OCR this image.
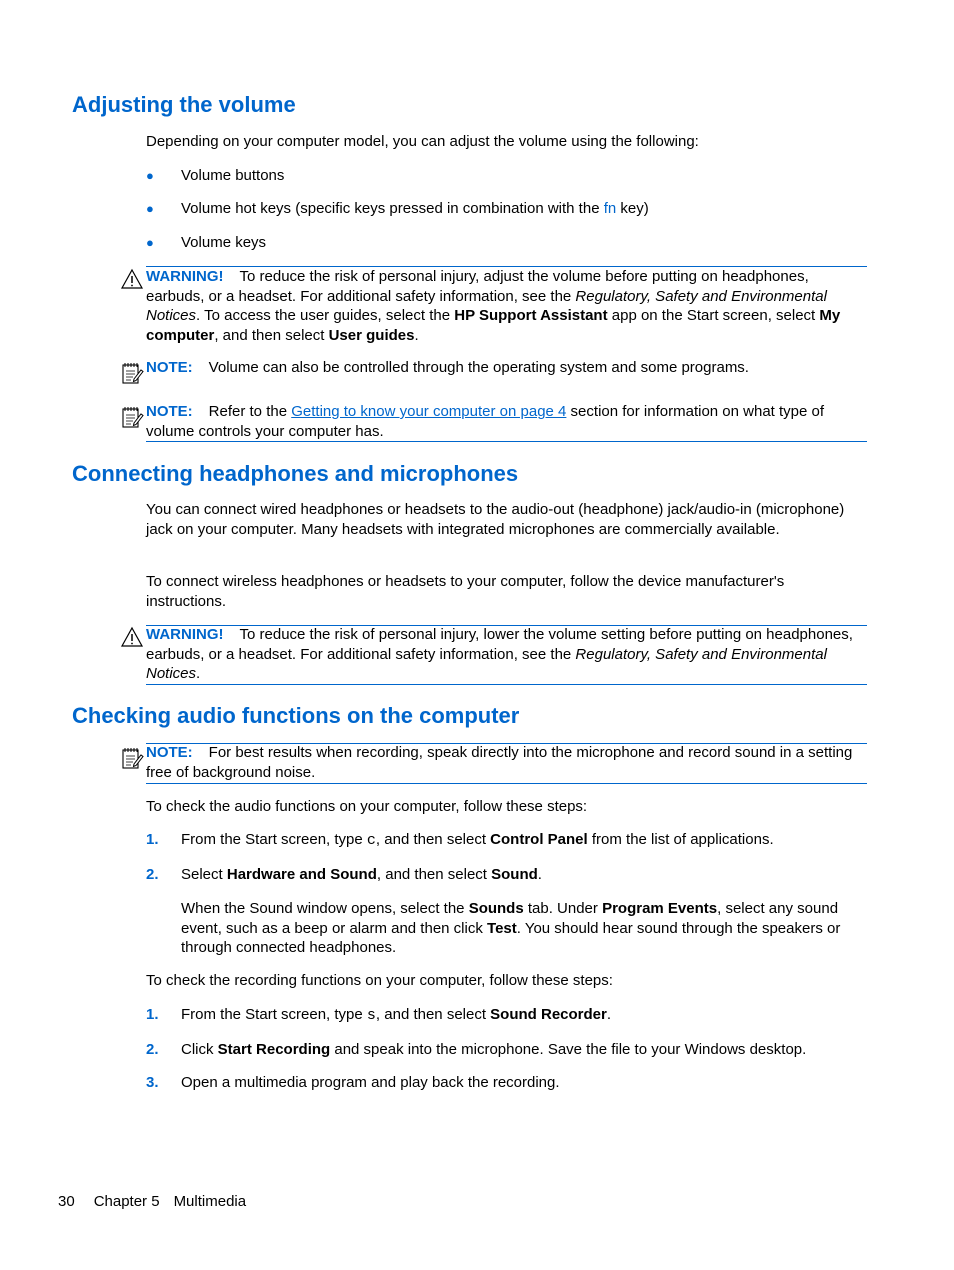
Adjusting the volume
Depending on your computer model, you can adjust the volume using the following:
● Volume buttons
● Volume hot keys (specific keys pressed in combination with the fn key)
● Volume keys
WARNING! To reduce the risk of personal injury, adjust the volume before putting on headphones, earbuds, or a headset. For additional safety information, see the Regulatory, Safety and Environmental Notices. To access the user guides, select the HP Support Assistant app on the Start screen, select My computer, and then select User guides.
NOTE: Volume can also be controlled through the operating system and some programs.
NOTE: Refer to the Getting to know your computer on page 4 section for information on what type of volume controls your computer has.
Connecting headphones and microphones
You can connect wired headphones or headsets to the audio-out (headphone) jack/audio-in (microphone) jack on your computer. Many headsets with integrated microphones are commercially available.
To connect wireless headphones or headsets to your computer, follow the device manufacturer's instructions.
WARNING! To reduce the risk of personal injury, lower the volume setting before putting on headphones, earbuds, or a headset. For additional safety information, see the Regulatory, Safety and Environmental Notices.
Checking audio functions on the computer
NOTE: For best results when recording, speak directly into the microphone and record sound in a setting free of background noise.
To check the audio functions on your computer, follow these steps:
1. From the Start screen, type c, and then select Control Panel from the list of applications.
2. Select Hardware and Sound, and then select Sound.
When the Sound window opens, select the Sounds tab. Under Program Events, select any sound event, such as a beep or alarm and then click Test. You should hear sound through the speakers or through connected headphones.
To check the recording functions on your computer, follow these steps:
1. From the Start screen, type s, and then select Sound Recorder.
2. Click Start Recording and speak into the microphone. Save the file to your Windows desktop.
3. Open a multimedia program and play back the recording.
30 Chapter 5 Multimedia
